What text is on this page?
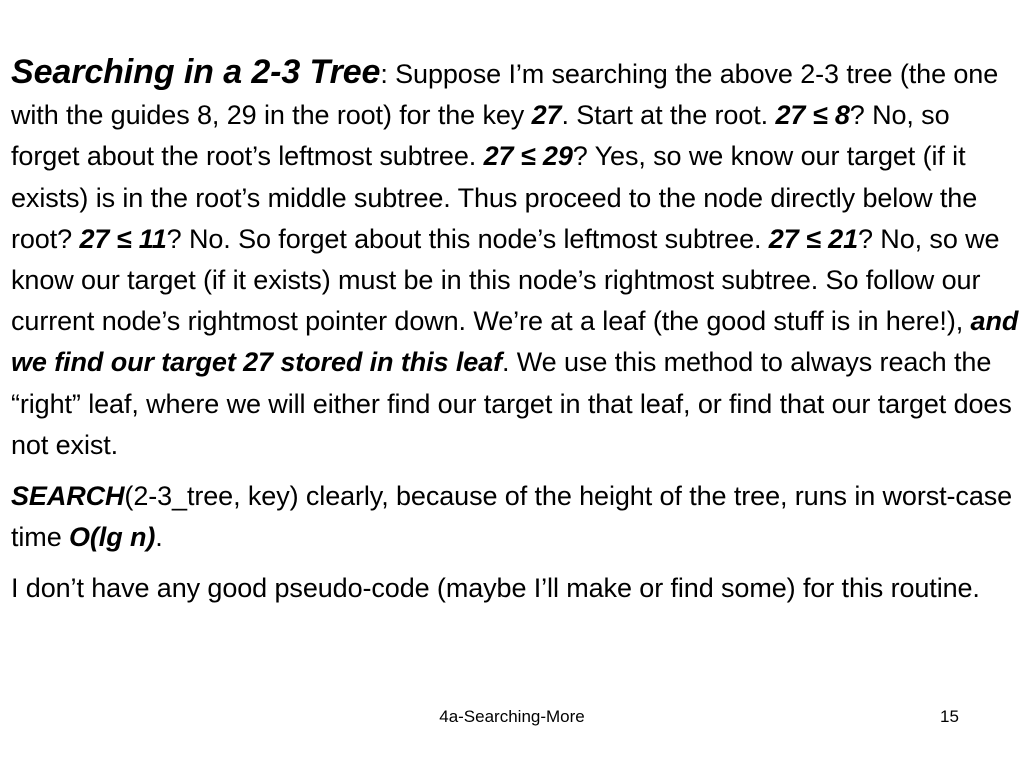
Searching in a 2-3 Tree: Suppose I’m searching the above 2-3 tree (the one with the guides 8, 29 in the root) for the key 27. Start at the root. 27 ≤ 8? No, so forget about the root’s leftmost subtree. 27 ≤ 29? Yes, so we know our target (if it exists) is in the root’s middle subtree. Thus proceed to the node directly below the root? 27 ≤ 11? No. So forget about this node’s leftmost subtree. 27 ≤ 21? No, so we know our target (if it exists) must be in this node’s rightmost subtree. So follow our current node’s rightmost pointer down. We’re at a leaf (the good stuff is in here!), and we find our target 27 stored in this leaf. We use this method to always reach the “right” leaf, where we will either find our target in that leaf, or find that our target does not exist.

SEARCH(2-3_tree, key) clearly, because of the height of the tree, runs in worst-case time O(lg n).

I don’t have any good pseudo-code (maybe I’ll make or find some) for this routine.

4a-Searching-More	15
